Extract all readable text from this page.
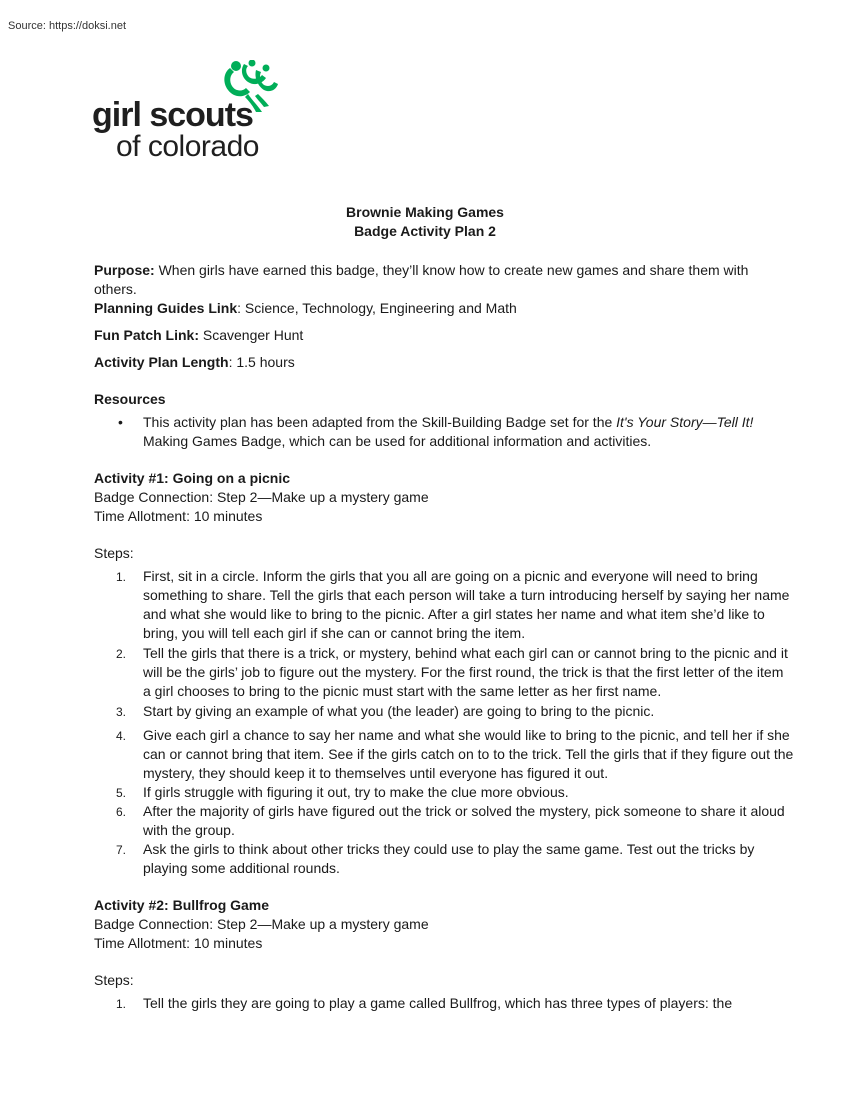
Source: https://doksi.net
girl scouts
of colorado
Brownie Making Games
Badge Activity Plan 2

Purpose: When girls have earned this badge, they’ll know how to create new games and share them with others.

Planning Guides Link: Science, Technology, Engineering and Math

Fun Patch Link: Scavenger Hunt

Activity Plan Length: 1.5 hours

Resources

• This activity plan has been adapted from the Skill-Building Badge set for the It's Your Story—Tell It! Making Games Badge, which can be used for additional information and activities.

Activity #1: Going on a picnic

Badge Connection: Step 2—Make up a mystery game

Time Allotment: 10 minutes

Steps:

1. First, sit in a circle. Inform the girls that you all are going on a picnic and everyone will need to bring something to share. Tell the girls that each person will take a turn introducing herself by saying her name and what she would like to bring to the picnic. After a girl states her name and what item she’d like to bring, you will tell each girl if she can or cannot bring the item.
2. Tell the girls that there is a trick, or mystery, behind what each girl can or cannot bring to the picnic and it will be the girls’ job to figure out the mystery. For the first round, the trick is that the first letter of the item a girl chooses to bring to the picnic must start with the same letter as her first name.
3. Start by giving an example of what you (the leader) are going to bring to the picnic.
4. Give each girl a chance to say her name and what she would like to bring to the picnic, and tell her if she can or cannot bring that item. See if the girls catch on to to the trick. Tell the girls that if they figure out the mystery, they should keep it to themselves until everyone has figured it out.
5. If girls struggle with figuring it out, try to make the clue more obvious.
6. After the majority of girls have figured out the trick or solved the mystery, pick someone to share it aloud with the group.
7. Ask the girls to think about other tricks they could use to play the same game. Test out the tricks by playing some additional rounds.

Activity #2: Bullfrog Game

Badge Connection: Step 2—Make up a mystery game

Time Allotment: 10 minutes

Steps:

1. Tell the girls they are going to play a game called Bullfrog, which has three types of players: the
